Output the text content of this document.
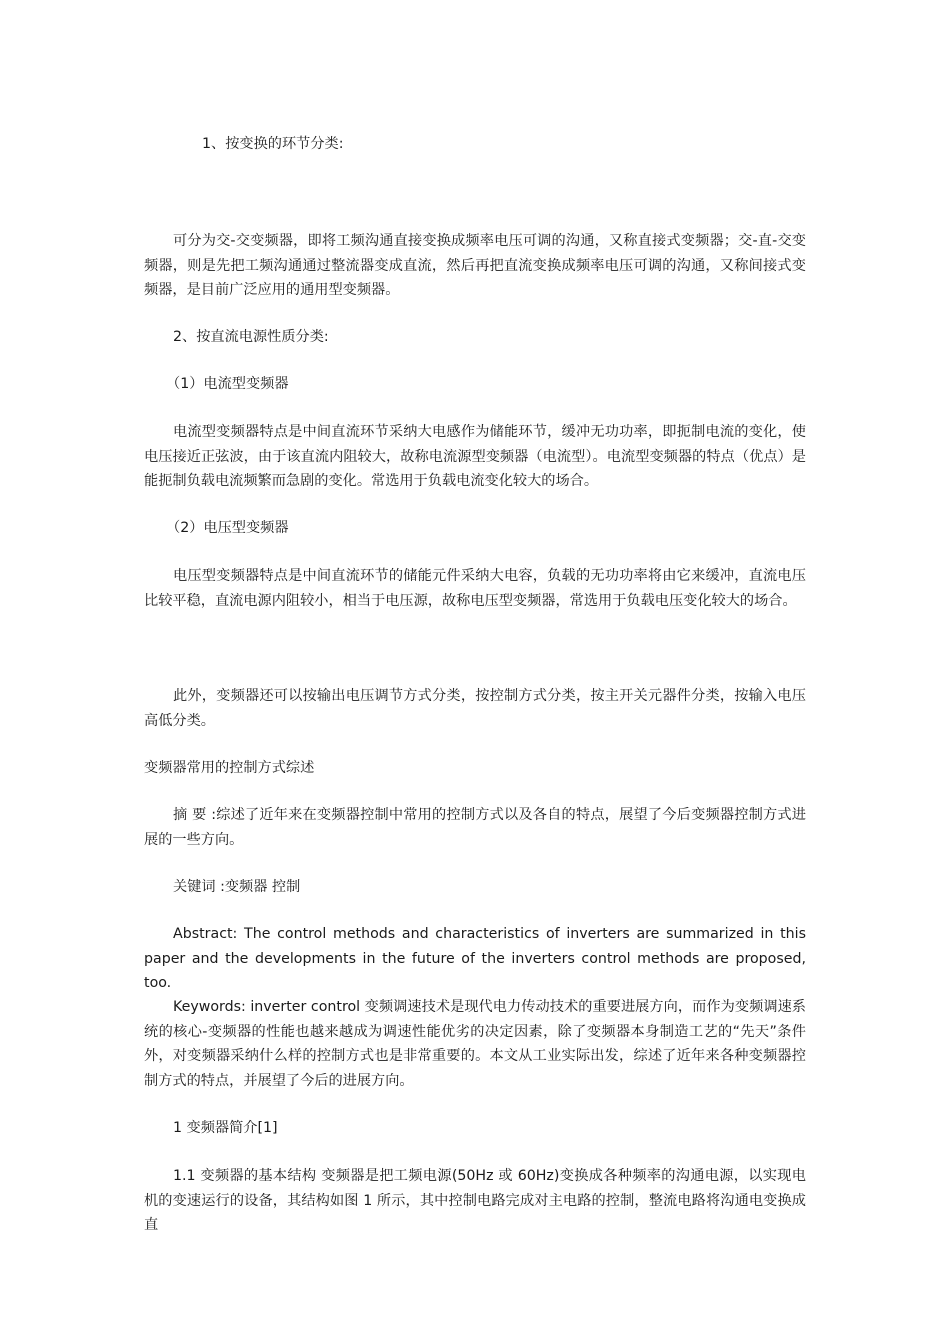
1、按变换的环节分类:

可分为交-交变频器，即将工频沟通直接变换成频率电压可调的沟通，又称直接式变频器；交-直-交变频器，则是先把工频沟通通过整流器变成直流，然后再把直流变换成频率电压可调的沟通，又称间接式变频器，是目前广泛应用的通用型变频器。

2、按直流电源性质分类:

（1）电流型变频器

电流型变频器特点是中间直流环节采纳大电感作为储能环节，缓冲无功功率，即扼制电流的变化，使电压接近正弦波，由于该直流内阻较大，故称电流源型变频器（电流型）。电流型变频器的特点（优点）是能扼制负载电流频繁而急剧的变化。常选用于负载电流变化较大的场合。

（2）电压型变频器

电压型变频器特点是中间直流环节的储能元件采纳大电容，负载的无功功率将由它来缓冲，直流电压比较平稳，直流电源内阻较小，相当于电压源，故称电压型变频器，常选用于负载电压变化较大的场合。

此外，变频器还可以按输出电压调节方式分类，按控制方式分类，按主开关元器件分类，按输入电压高低分类。

变频器常用的控制方式综述

摘 要 :综述了近年来在变频器控制中常用的控制方式以及各自的特点，展望了今后变频器控制方式进展的一些方向。

关键词 :变频器 控制

Abstract: The control methods and characteristics of inverters are summarized in this paper and the developments in the future of the inverters control methods are proposed, too.

Keywords: inverter control 变频调速技术是现代电力传动技术的重要进展方向，而作为变频调速系统的核心-变频器的性能也越来越成为调速性能优劣的决定因素，除了变频器本身制造工艺的“先天”条件外，对变频器采纳什么样的控制方式也是非常重要的。本文从工业实际出发，综述了近年来各种变频器控制方式的特点，并展望了今后的进展方向。

1 变频器简介[1]

1.1 变频器的基本结构 变频器是把工频电源(50Hz 或 60Hz)变换成各种频率的沟通电源，以实现电机的变速运行的设备，其结构如图 1 所示，其中控制电路完成对主电路的控制，整流电路将沟通电变换成直
